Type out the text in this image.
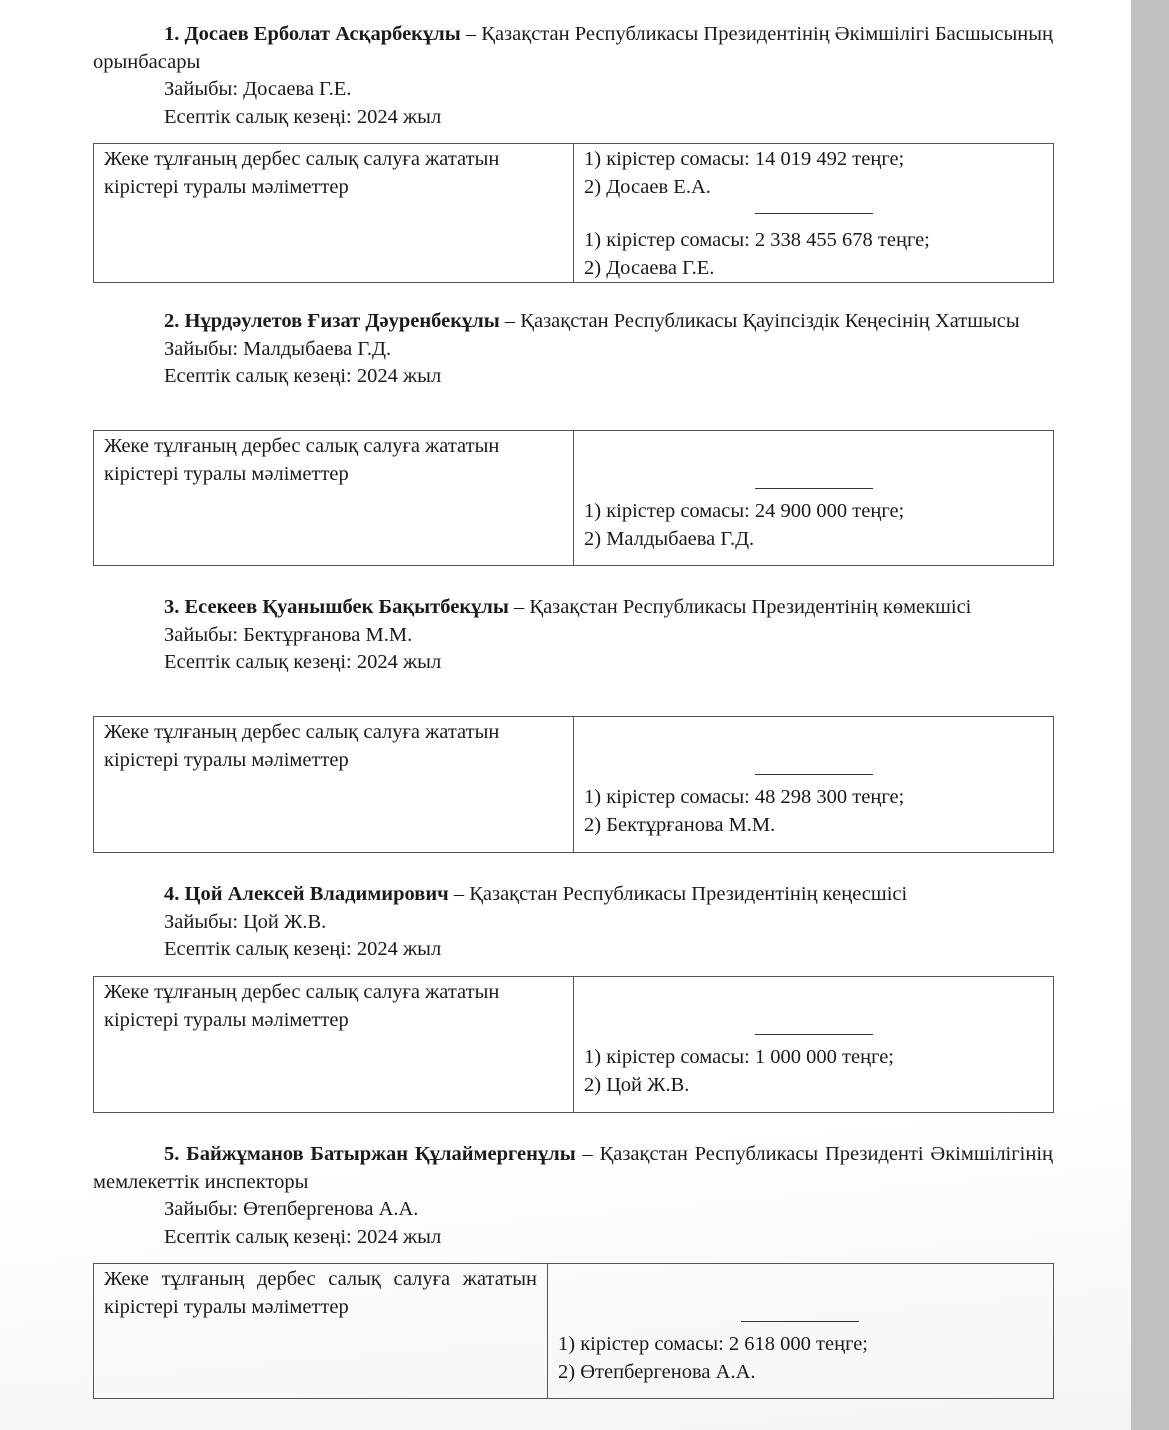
1. Досаев Ерболат Асқарбекұлы – Қазақстан Республикасы Президентінің Әкімшілігі Басшысының орынбасары

Зайыбы: Досаева Г.Е.

Есептік салық кезеңі: 2024 жыл

Жеке тұлғаның дербес салық салуға жататын кірістері туралы мәліметтер	
1) кірістер сомасы: 14 019 492 теңге;
2) Досаев Е.А.
1) кірістер сомасы: 2 338 455 678 теңге;
2) Досаева Г.Е.

2. Нұрдәулетов Ғизат Дәуренбекұлы – Қазақстан Республикасы Қауіпсіздік Кеңесінің Хатшысы

Зайыбы: Малдыбаева Г.Д.

Есептік салық кезеңі: 2024 жыл

Жеке тұлғаның дербес салық салуға жататын кірістері туралы мәліметтер	
1) кірістер сомасы: 24 900 000 теңге;
2) Малдыбаева Г.Д.

3. Есекеев Қуанышбек Бақытбекұлы – Қазақстан Республикасы Президентінің көмекшісі

Зайыбы: Бектұрғанова М.М.

Есептік салық кезеңі: 2024 жыл

Жеке тұлғаның дербес салық салуға жататын кірістері туралы мәліметтер	
1) кірістер сомасы: 48 298 300 теңге;
2) Бектұрғанова М.М.

4. Цой Алексей Владимирович – Қазақстан Республикасы Президентінің кеңесшісі

Зайыбы: Цой Ж.В.

Есептік салық кезеңі: 2024 жыл

Жеке тұлғаның дербес салық салуға жататын кірістері туралы мәліметтер	
1) кірістер сомасы: 1 000 000 теңге;
2) Цой Ж.В.

5. Байжұманов Батыржан Құлаймергенұлы – Қазақстан Республикасы Президенті Әкімшілігінің мемлекеттік инспекторы

Зайыбы: Өтепбергенова А.А.

Есептік салық кезеңі: 2024 жыл

Жеке тұлғаның дербес салық салуға жататын кірістері туралы мәліметтер	
1) кірістер сомасы: 2 618 000 теңге;
2) Өтепбергенова А.А.
